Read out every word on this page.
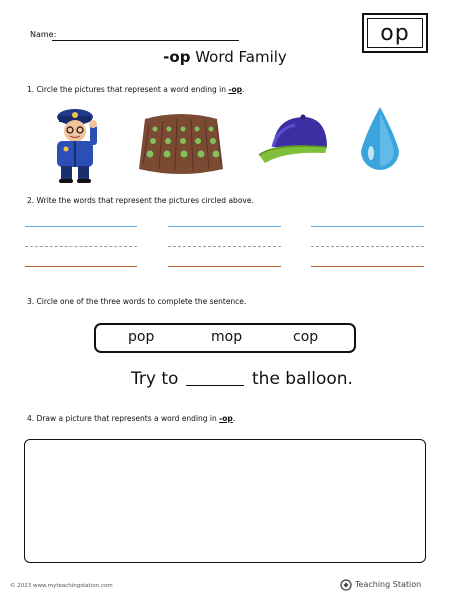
Name:	op
-op Word Family
1. Circle the pictures that represent a word ending in -op.
2. Write the words that represent the pictures circled above.
3. Circle one of the three words to complete the sentence.
pop	mop	cop
Try to	the balloon.
4. Draw a picture that represents a word ending in -op.
© 2023 www.myteachingstation.com	Teaching Station
